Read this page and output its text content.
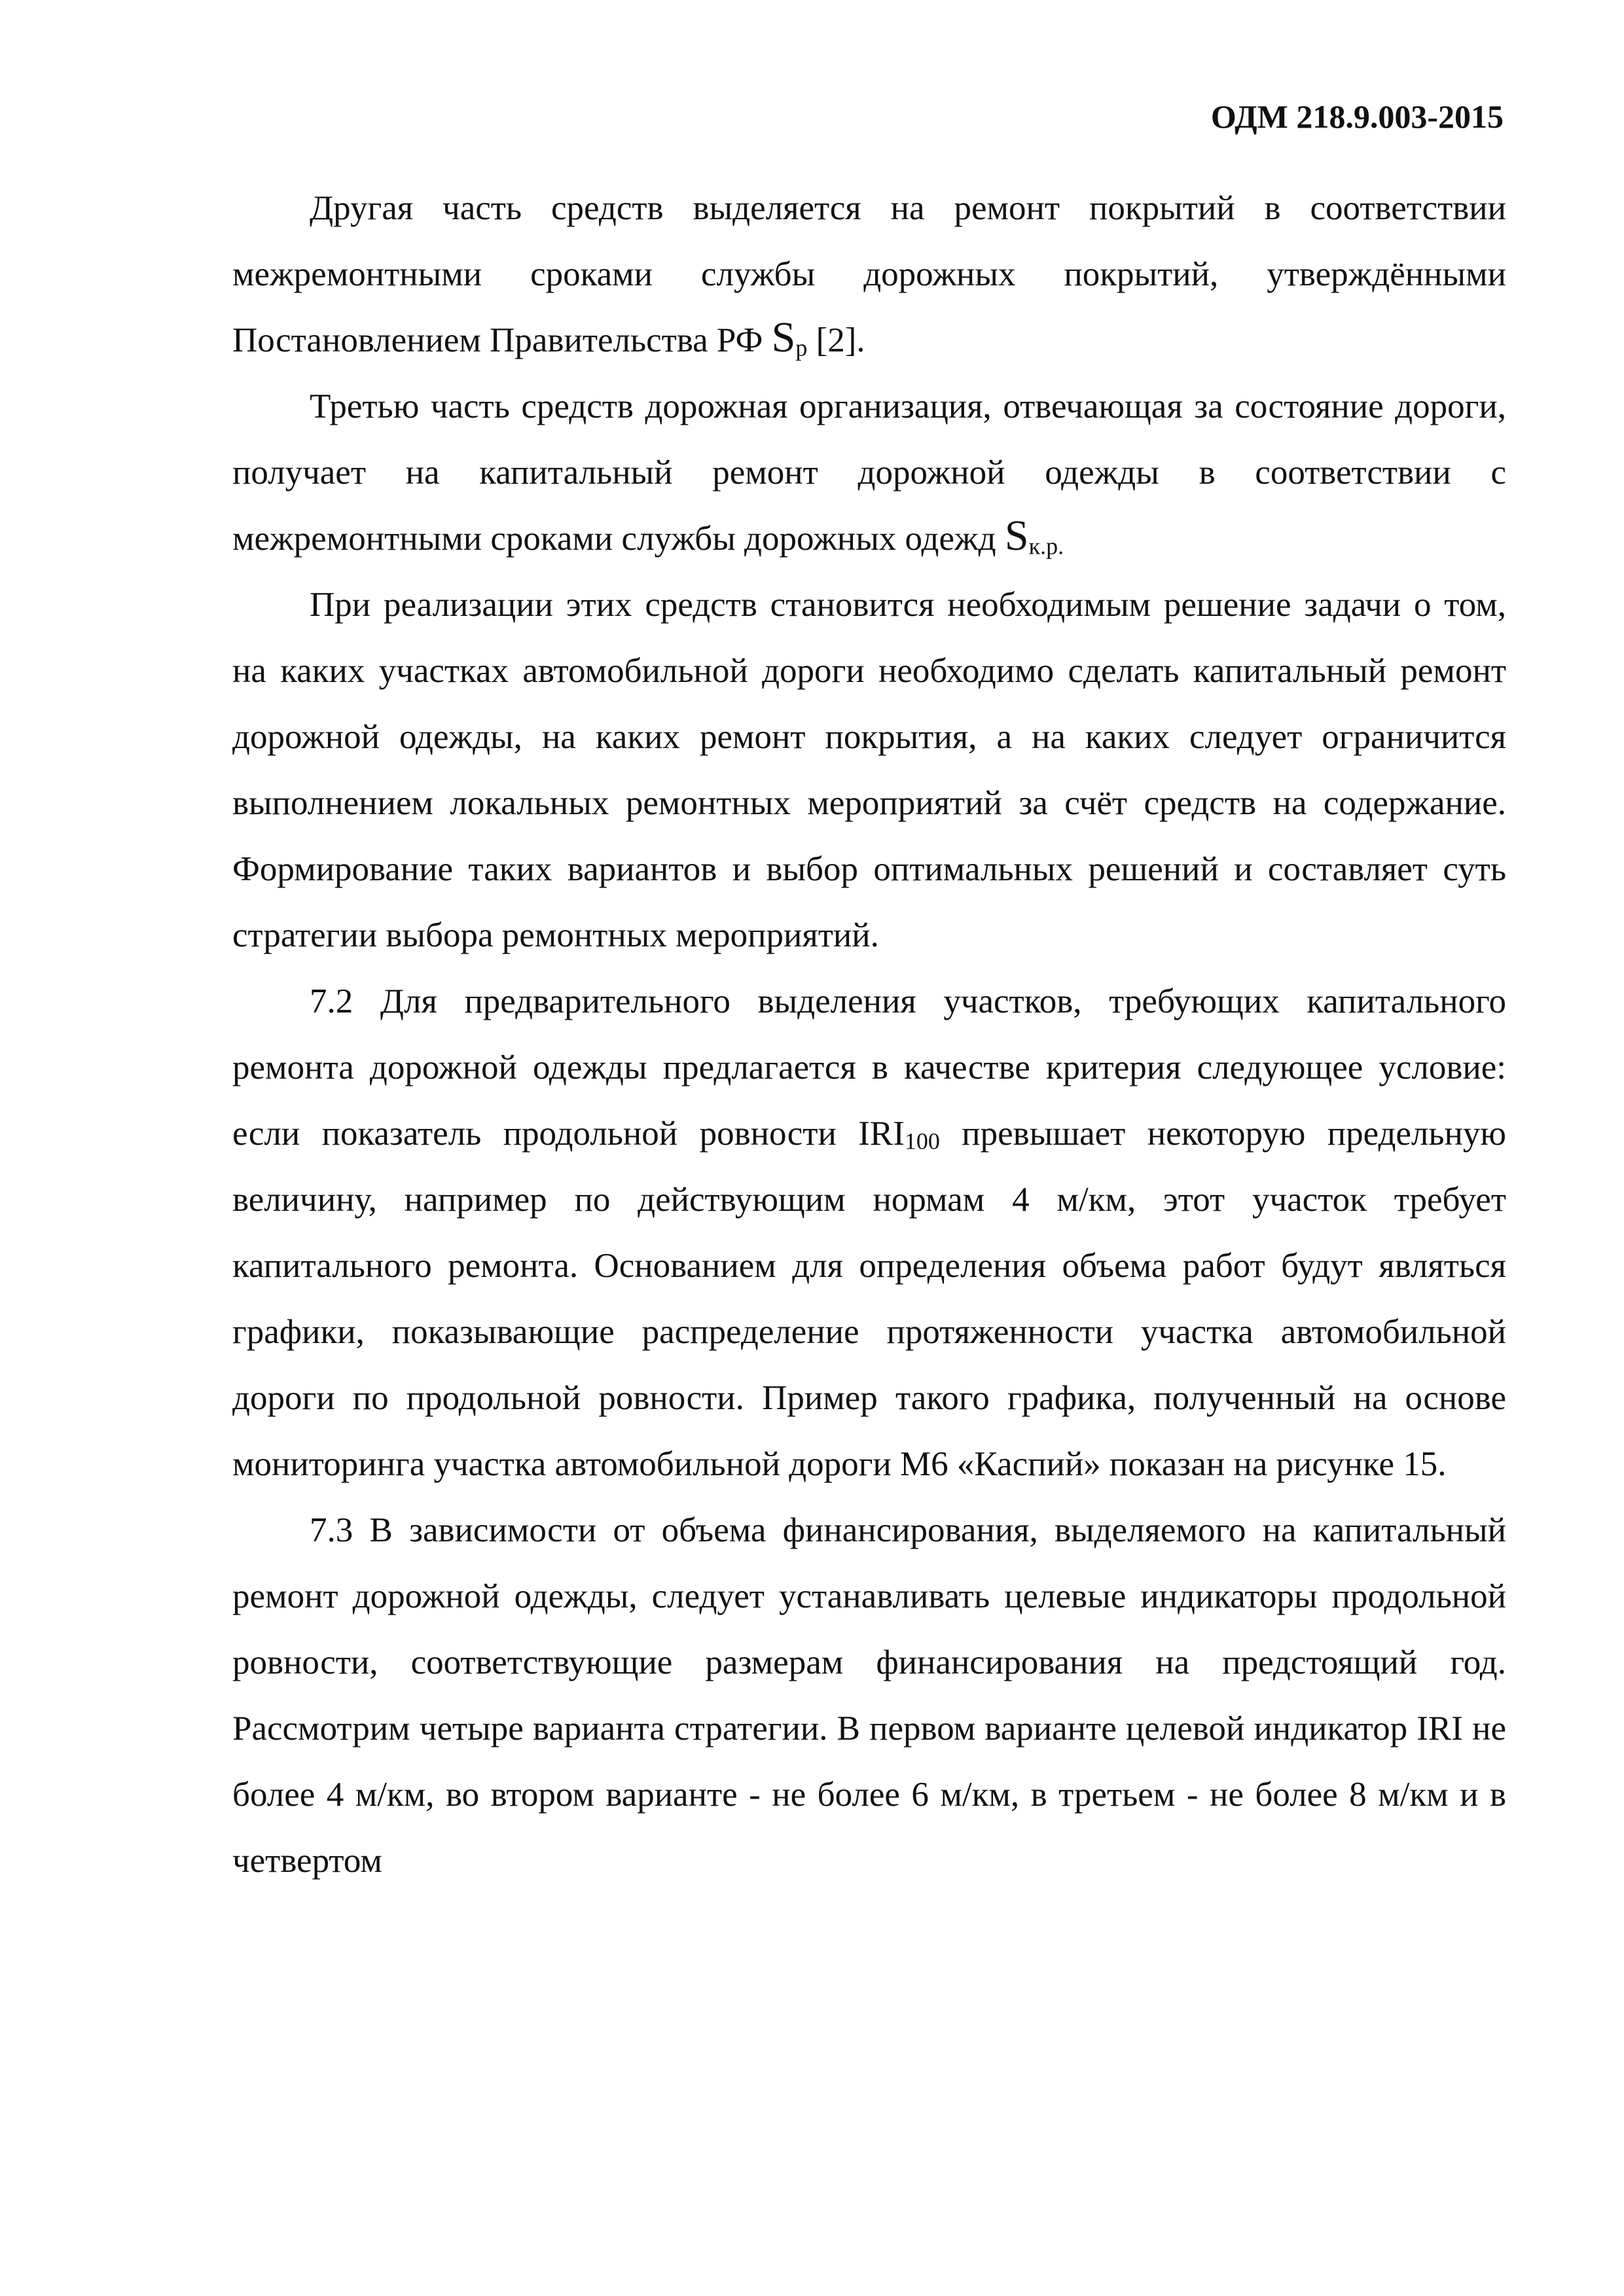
ОДМ 218.9.003-2015

Другая часть средств выделяется на ремонт покрытий в соответствии межремонтными сроками службы дорожных покрытий, утверждёнными Постановлением Правительства РФ Sр [2].

Третью часть средств дорожная организация, отвечающая за состояние дороги, получает на капитальный ремонт дорожной одежды в соответствии с межремонтными сроками службы дорожных одежд Sк.р.

При реализации этих средств становится необходимым решение задачи о том, на каких участках автомобильной дороги необходимо сделать капитальный ремонт дорожной одежды, на каких ремонт покрытия, а на каких следует ограничится выполнением локальных ремонтных мероприятий за счёт средств на содержание. Формирование таких вариантов и выбор оптимальных решений и составляет суть стратегии выбора ремонтных мероприятий.

7.2 Для предварительного выделения участков, требующих капитального ремонта дорожной одежды предлагается в качестве критерия следующее условие: если показатель продольной ровности IRI100 превышает некоторую предельную величину, например по действующим нормам 4 м/км, этот участок требует капитального ремонта. Основанием для определения объема работ будут являться графики, показывающие распределение протяженности участка автомобильной дороги по продольной ровности. Пример такого графика, полученный на основе мониторинга участка автомобильной дороги М6 «Каспий» показан на рисунке 15.

7.3 В зависимости от объема финансирования, выделяемого на капитальный ремонт дорожной одежды, следует устанавливать целевые индикаторы продольной ровности, соответствующие размерам финансирования на предстоящий год. Рассмотрим четыре варианта стратегии. В первом варианте целевой индикатор IRI не более 4 м/км, во втором варианте - не более 6 м/км, в третьем - не более 8 м/км и в четвертом
